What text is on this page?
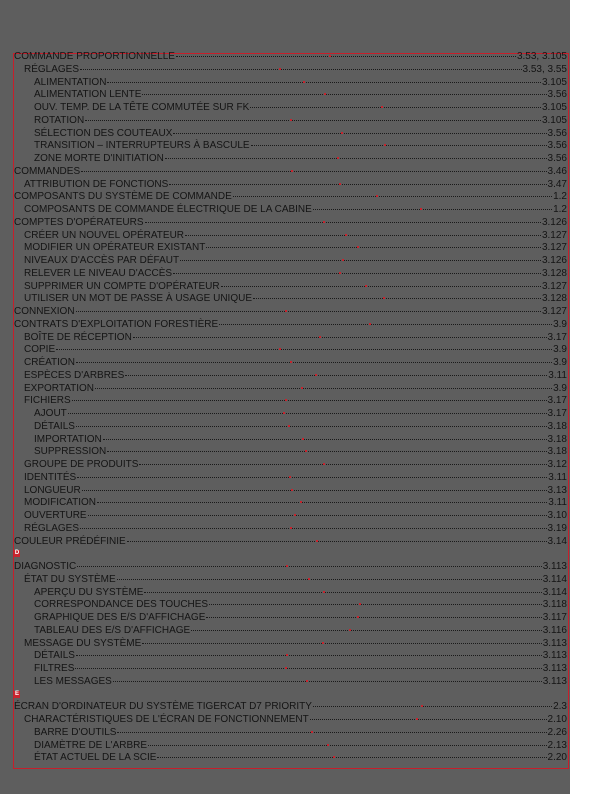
COMMANDE PROPORTIONNELLE	3.53, 3.105
RÉGLAGES	3.53, 3.55
ALIMENTATION	3.105
ALIMENTATION LENTE	3.56
OUV. TEMP. DE LA TÊTE COMMUTÉE SUR FK	3.105
ROTATION	3.105
SÉLECTION DES COUTEAUX	3.56
TRANSITION – INTERRUPTEURS À BASCULE	3.56
ZONE MORTE D'INITIATION	3.56
COMMANDES	3.46
ATTRIBUTION DE FONCTIONS	3.47
COMPOSANTS DU SYSTÈME DE COMMANDE	1.2
COMPOSANTS DE COMMANDE ÉLECTRIQUE DE LA CABINE	1.2
COMPTES D'OPÉRATEURS	3.126
CRÉER UN NOUVEL OPÉRATEUR	3.127
MODIFIER UN OPÉRATEUR EXISTANT	3.127
NIVEAUX D'ACCÈS PAR DÉFAUT	3.126
RELEVER LE NIVEAU D'ACCÈS	3.128
SUPPRIMER UN COMPTE D'OPÉRATEUR	3.127
UTILISER UN MOT DE PASSE À USAGE UNIQUE	3.128
CONNEXION	3.127
CONTRATS D'EXPLOITATION FORESTIÈRE	3.9
BOÎTE DE RÉCEPTION	3.17
COPIE	3.9
CRÉATION	3.9
ESPÈCES D'ARBRES	3.11
EXPORTATION	3.9
FICHIERS	3.17
AJOUT	3.17
DÉTAILS	3.18
IMPORTATION	3.18
SUPPRESSION	3.18
GROUPE DE PRODUITS	3.12
IDENTITÉS	3.11
LONGUEUR	3.13
MODIFICATION	3.11
OUVERTURE	3.10
RÉGLAGES	3.19
COULEUR PRÉDÉFINIE	3.14
D
DIAGNOSTIC	3.113
ÉTAT DU SYSTÈME	3.114
APERÇU DU SYSTÈME	3.114
CORRESPONDANCE DES TOUCHES	3.118
GRAPHIQUE DES E/S D'AFFICHAGE	3.117
TABLEAU DES E/S D'AFFICHAGE	3.116
MESSAGE DU SYSTÈME	3.113
DÉTAILS	3.113
FILTRES	3.113
LES MESSAGES	3.113
E
ÉCRAN D'ORDINATEUR DU SYSTÈME TIGERCAT D7 PRIORITY	2.3
CHARACTÉRISTIQUES DE L'ÉCRAN DE FONCTIONNEMENT	2.10
BARRE D'OUTILS	2.26
DIAMÈTRE DE L'ARBRE	2.13
ÉTAT ACTUEL DE LA SCIE	2.20
